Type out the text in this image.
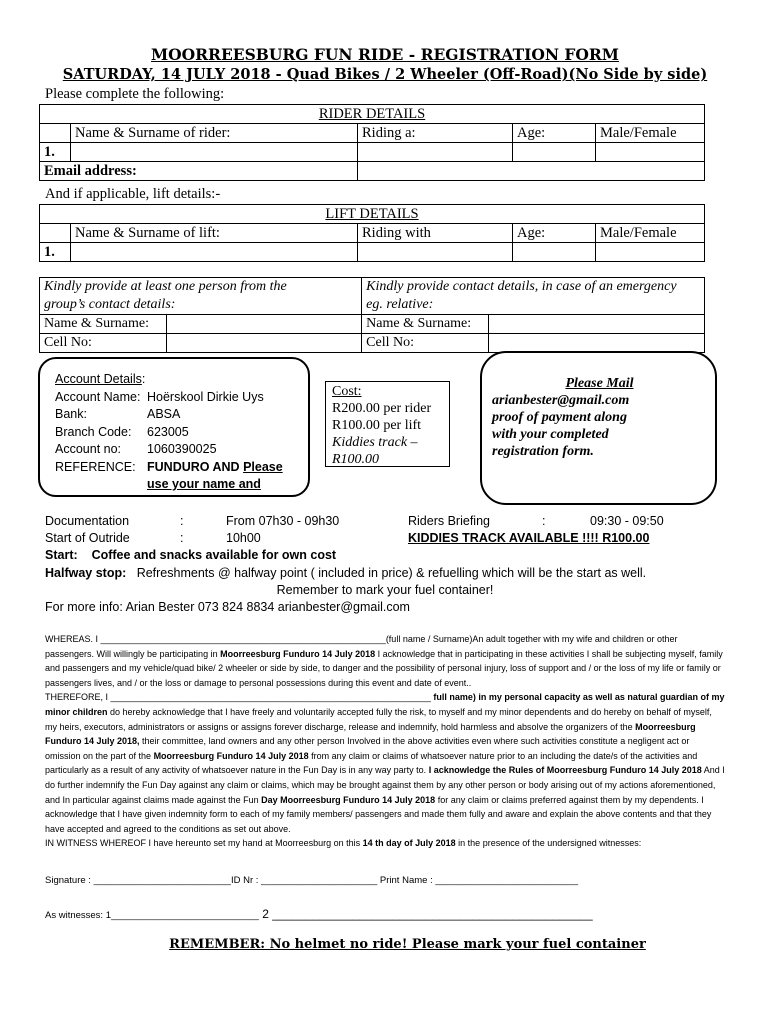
MOORREESBURG FUN RIDE - REGISTRATION FORM
SATURDAY, 14 JULY 2018 - Quad Bikes / 2 Wheeler (Off-Road)(No Side by side)
Please complete the following:
RIDER DETAILS				
	Name & Surname of rider:	Riding a:	Age:	Male/Female
1.				
Email address:				
And if applicable, lift details:-
LIFT DETAILS				
	Name & Surname of lift:	Riding with	Age:	Male/Female
1.				
Kindly provide at least one person from the		Kindly provide contact details, in case of an emergency	
group’s contact details:		eg. relative:	
Name & Surname:		Name & Surname:	
Cell No:		Cell No:	
Account Details :
Account Name: Hoërskool Dirkie Uys
Bank:	ABSA
Branch Code:	623005
Account no:	1060390025
REFERENCE: FUNDURO AND Please
use your name and
Cost:
R200.00 per rider
R100.00 per lift
Kiddies track –
R100.00
Please Mail
arianbester@gmail.com
proof of payment along
with your completed
registration form.
Documentation	:	From 07h30 - 09h30	Riders Briefing	:	09:30 - 09:50
Start of Outride	:	10h00	KIDDIES TRACK AVAILABLE !!!! R100.00
Start: Coffee and snacks available for own cost
Halfway stop: Refreshments @ halfway point ( included in price) & refuelling which will be the start as well.
Remember to mark your fuel container!
For more info: Arian Bester 073 824 8834 arianbester@gmail.com

WHEREAS. I _________________________________________________________(full name / Surname)An adult together with my wife and children or other passengers. Will willingly be participating in Moorreesburg Funduro 14 July 2018 I acknowledge that in participating in these activities I shall be subjecting myself, family and passengers and my vehicle/quad bike/ 2 wheeler or side by side, to danger and the possibility of personal injury, loss of support and / or the loss of my life or family or passengers lives, and / or the loss or damage to personal possessions during this event and date of event..

THEREFORE, I ________________________________________________________________ full name) in my personal capacity as well as natural guardian of my minor children do hereby acknowledge that I have freely and voluntarily accepted fully the risk, to myself and my minor dependents and do hereby on behalf of myself, my heirs, executors, administrators or assigns or assigns forever discharge, release and indemnify, hold harmless and absolve the organizers of the Moorreesburg Funduro 14 July 2018, their committee, land owners and any other person Involved in the above activities even where such activities constitute a negligent act or omission on the part of the Moorreesburg Funduro 14 July 2018 from any claim or claims of whatsoever nature prior to an including the date/s of the activities and particularly as a result of any activity of whatsoever nature in the Fun Day is in any way party to. I acknowledge the Rules of Moorreesburg Funduro 14 July 2018 And I do further indemnify the Fun Day against any claim or claims, which may be brought against them by any other person or body arising out of my actions aforementioned, and In particular against claims made against the Fun Day Moorreesburg Funduro 14 July 2018 for any claim or claims preferred against them by my dependents. I acknowledge that I have given indemnity form to each of my family members/ passengers and made them fully and aware and explain the above contents and that they have accepted and agreed to the conditions as set out above.

IN WITNESS WHEREOF I have hereunto set my hand at Moorreesburg on this 14 th day of July 2018 in the presence of the undersigned witnesses:

Signature : __________________________ID Nr : ______________________ Print Name : ___________________________
As witnesses: 1____________________________ 2 ________________________________________________
REMEMBER: No helmet no ride! Please mark your fuel container
